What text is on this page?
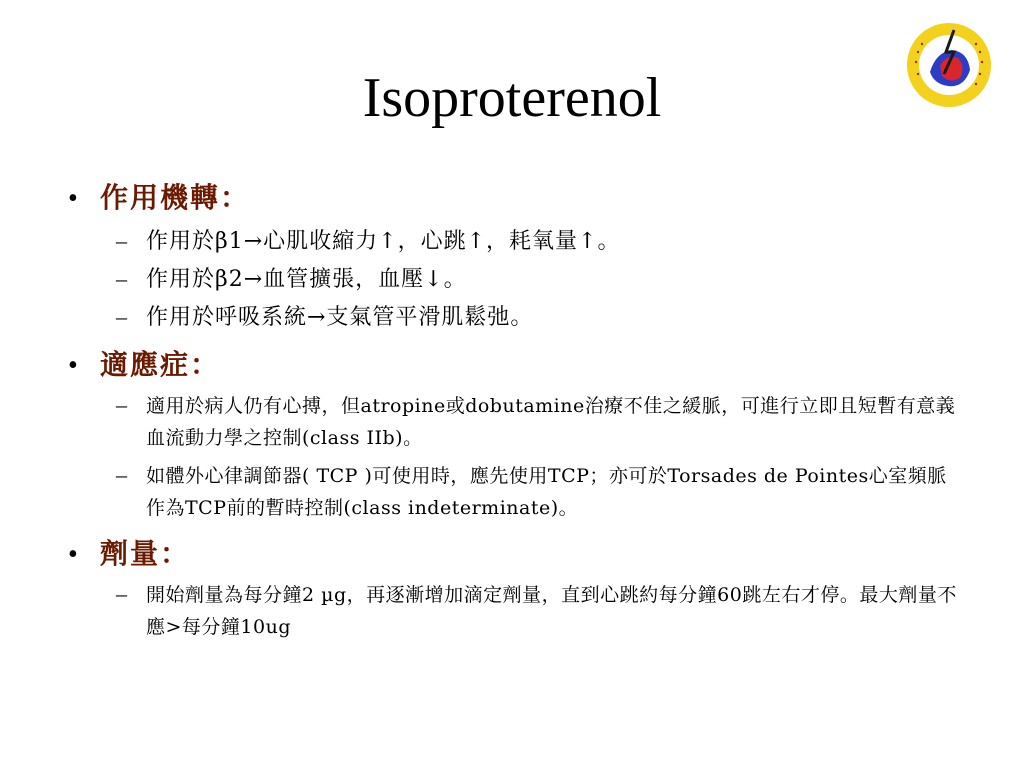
Isoproterenol
• 作用機轉：
– 作用於β1→心肌收縮力↑，心跳↑，耗氧量↑。
– 作用於β2→血管擴張，血壓↓。
– 作用於呼吸系統→支氣管平滑肌鬆弛。
• 適應症：
–	適用於病人仍有心搏，但atropine或dobutamine治療不佳之緩脈，可進行立即且短暫有意義血流動力學之控制(class IIb)。
–	如體外心律調節器( TCP )可使用時，應先使用TCP；亦可於Torsades de Pointes心室頻脈作為TCP前的暫時控制(class indeterminate)。
• 劑量：
–	開始劑量為每分鐘2 µg，再逐漸增加滴定劑量，直到心跳約每分鐘60跳左右才停。最大劑量不應>每分鐘10ug
